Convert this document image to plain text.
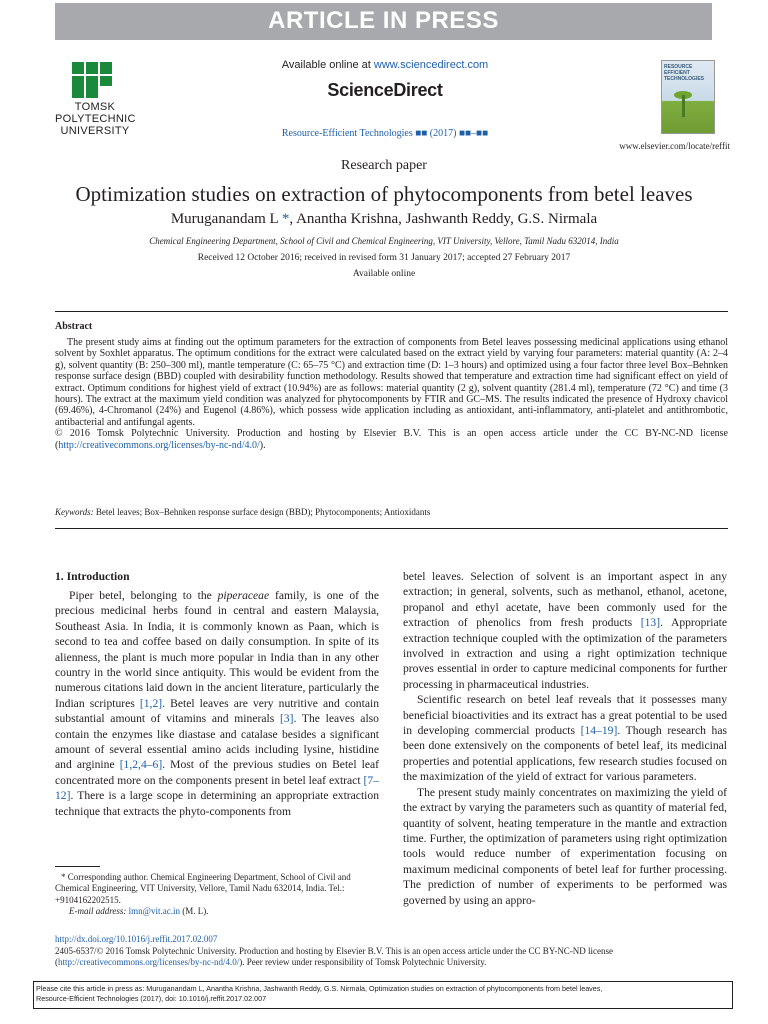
ARTICLE IN PRESS
TOMSK
POLYTECHNIC
UNIVERSITY
Available online at www.sciencedirect.com
ScienceDirect
Resource-Efficient Technologies ■■ (2017) ■■–■■
RESOURCE EFFICIENT TECHNOLOGIES
www.elsevier.com/locate/reffit
Research paper
Optimization studies on extraction of phytocomponents from betel leaves
Muruganandam L *, Anantha Krishna, Jashwanth Reddy, G.S. Nirmala
Chemical Engineering Department, School of Civil and Chemical Engineering, VIT University, Vellore, Tamil Nadu 632014, India
Received 12 October 2016; received in revised form 31 January 2017; accepted 27 February 2017
Available online
Abstract

The present study aims at finding out the optimum parameters for the extraction of components from Betel leaves possessing medicinal applications using ethanol solvent by Soxhlet apparatus. The optimum conditions for the extract were calculated based on the extract yield by varying four parameters: material quantity (A: 2–4 g), solvent quantity (B: 250–300 ml), mantle temperature (C: 65–75 °C) and extraction time (D: 1–3 hours) and optimized using a four factor three level Box–Behnken response surface design (BBD) coupled with desirability function methodology. Results showed that temperature and extraction time had significant effect on yield of extract. Optimum conditions for highest yield of extract (10.94%) are as follows: material quantity (2 g), solvent quantity (281.4 ml), temperature (72 °C) and time (3 hours). The extract at the maximum yield condition was analyzed for phytocomponents by FTIR and GC–MS. The results indicated the presence of Hydroxy chavicol (69.46%), 4-Chromanol (24%) and Eugenol (4.86%), which possess wide application including as antioxidant, anti-inflammatory, anti-platelet and antithrombotic, antibacterial and antifungal agents.

© 2016 Tomsk Polytechnic University. Production and hosting by Elsevier B.V. This is an open access article under the CC BY-NC-ND license (http://creativecommons.org/licenses/by-nc-nd/4.0/).
Keywords: Betel leaves; Box–Behnken response surface design (BBD); Phytocomponents; Antioxidants
1. Introduction

Piper betel, belonging to the piperaceae family, is one of the precious medicinal herbs found in central and eastern Malaysia, Southeast Asia. In India, it is commonly known as Paan, which is second to tea and coffee based on daily consumption. In spite of its alienness, the plant is much more popular in India than in any other country in the world since antiquity. This would be evident from the numerous citations laid down in the ancient literature, particularly the Indian scriptures [1,2]. Betel leaves are very nutritive and contain substantial amount of vitamins and minerals [3]. The leaves also contain the enzymes like diastase and catalase besides a significant amount of several essential amino acids including lysine, histidine and arginine [1,2,4–6]. Most of the previous studies on Betel leaf concentrated more on the components present in betel leaf extract [7–12]. There is a large scope in determining an appropriate extraction technique that extracts the phyto-components from

betel leaves. Selection of solvent is an important aspect in any extraction; in general, solvents, such as methanol, ethanol, acetone, propanol and ethyl acetate, have been commonly used for the extraction of phenolics from fresh products [13]. Appropriate extraction technique coupled with the optimization of the parameters involved in extraction and using a right optimization technique proves essential in order to capture medicinal components for further processing in pharmaceutical industries.

Scientific research on betel leaf reveals that it possesses many beneficial bioactivities and its extract has a great potential to be used in developing commercial products [14–19]. Though research has been done extensively on the components of betel leaf, its medicinal properties and potential applications, few research studies focused on the maximization of the yield of extract for various parameters.

The present study mainly concentrates on maximizing the yield of the extract by varying the parameters such as quantity of material fed, quantity of solvent, heating temperature in the mantle and extraction time. Further, the optimization of parameters using right optimization tools would reduce number of experimentation focusing on maximum medicinal components of betel leaf for further processing. The prediction of number of experiments to be performed was governed by using an appro-

* Corresponding author. Chemical Engineering Department, School of Civil and Chemical Engineering, VIT University, Vellore, Tamil Nadu 632014, India. Tel.: +9104162202515.
E-mail address: lmn@vit.ac.in (M. L).
http://dx.doi.org/10.1016/j.reffit.2017.02.007
2405-6537/© 2016 Tomsk Polytechnic University. Production and hosting by Elsevier B.V. This is an open access article under the CC BY-NC-ND license (http://creativecommons.org/licenses/by-nc-nd/4.0/). Peer review under responsibility of Tomsk Polytechnic University.
Please cite this article in press as: Muruganandam L, Anantha Krishna, Jashwanth Reddy, G.S. Nirmala, Optimization studies on extraction of phytocomponents from betel leaves,
Resource-Efficient Technologies (2017), doi: 10.1016/j.reffit.2017.02.007
